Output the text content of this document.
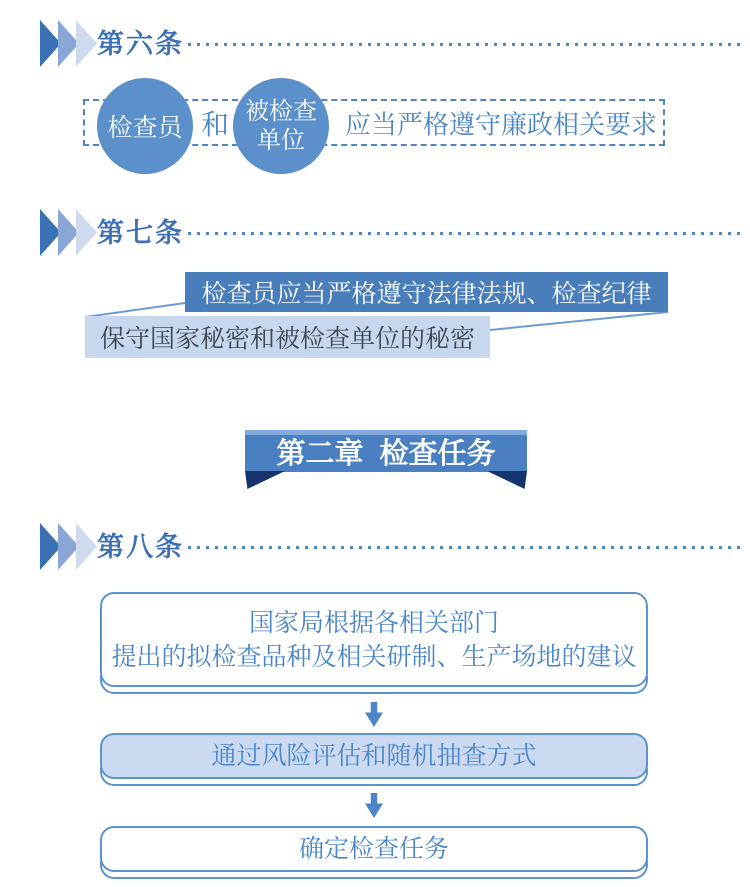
第六条
应当严格遵守廉政相关要求
检查员 和 被检查
单位
第七条
检查员应当严格遵守法律法规、检查纪律
保守国家秘密和被检查单位的秘密
第二章  检查任务
第八条
国家局根据各相关部门
提出的拟检查品种及相关研制、生产场地的建议
通过风险评估和随机抽查方式
确定检查任务
